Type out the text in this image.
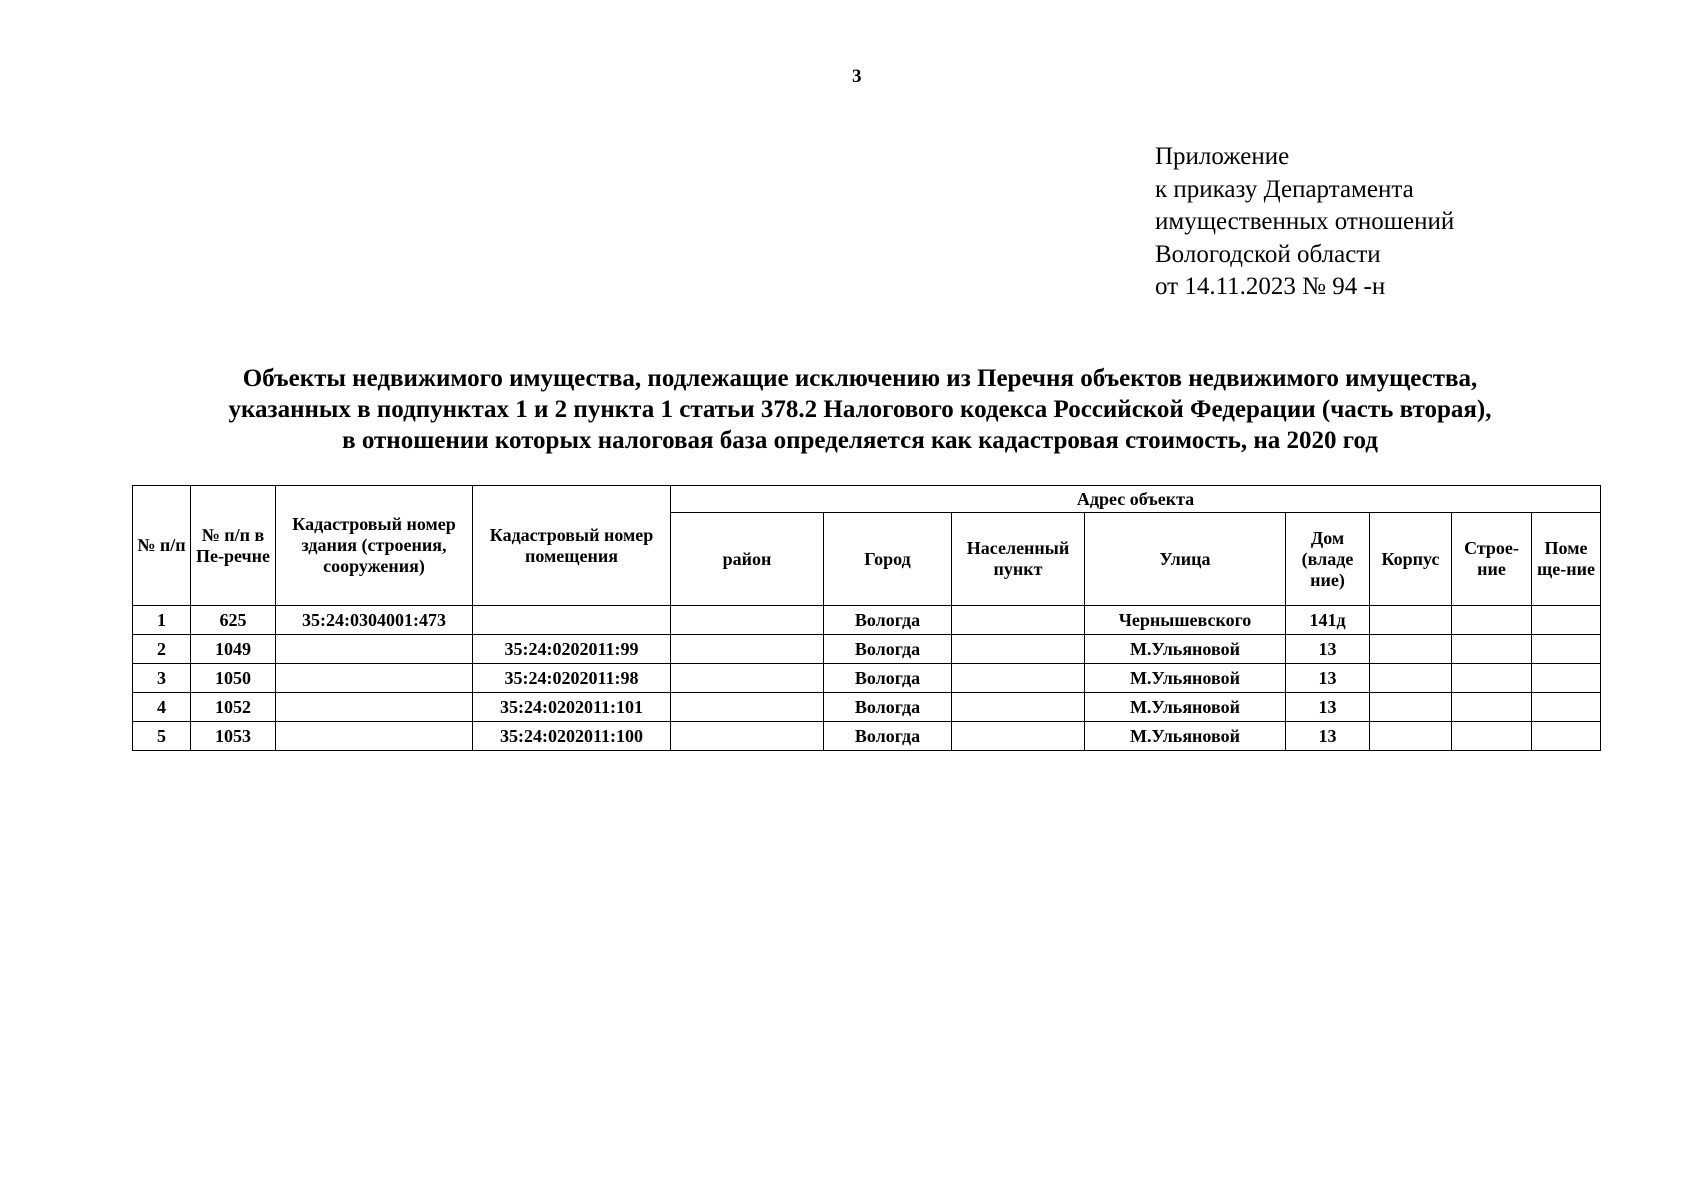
3
Приложение
к приказу Департамента
имущественных отношений
Вологодской области
от 14.11.2023 № 94 -н
Объекты недвижимого имущества, подлежащие исключению из Перечня объектов недвижимого имущества,
указанных в подпунктах 1 и 2 пункта 1 статьи 378.2 Налогового кодекса Российской Федерации (часть вторая),
в отношении которых налоговая база определяется как кадастровая стоимость, на 2020 год
№ п/п	№ п/п в Пе-речне	Кадастровый номер здания (строения, сооружения)	Кадастровый номер помещения	Адрес объекта							
				район	Город	Населенный пункт	Улица	Дом (владе ние)	Корпус	Строе-ние	Поме ще-ние
1	625	35:24:0304001:473			Вологда		Чернышевского	141д			
2	1049		35:24:0202011:99		Вологда		М.Ульяновой	13			
3	1050		35:24:0202011:98		Вологда		М.Ульяновой	13			
4	1052		35:24:0202011:101		Вологда		М.Ульяновой	13			
5	1053		35:24:0202011:100		Вологда		М.Ульяновой	13			
